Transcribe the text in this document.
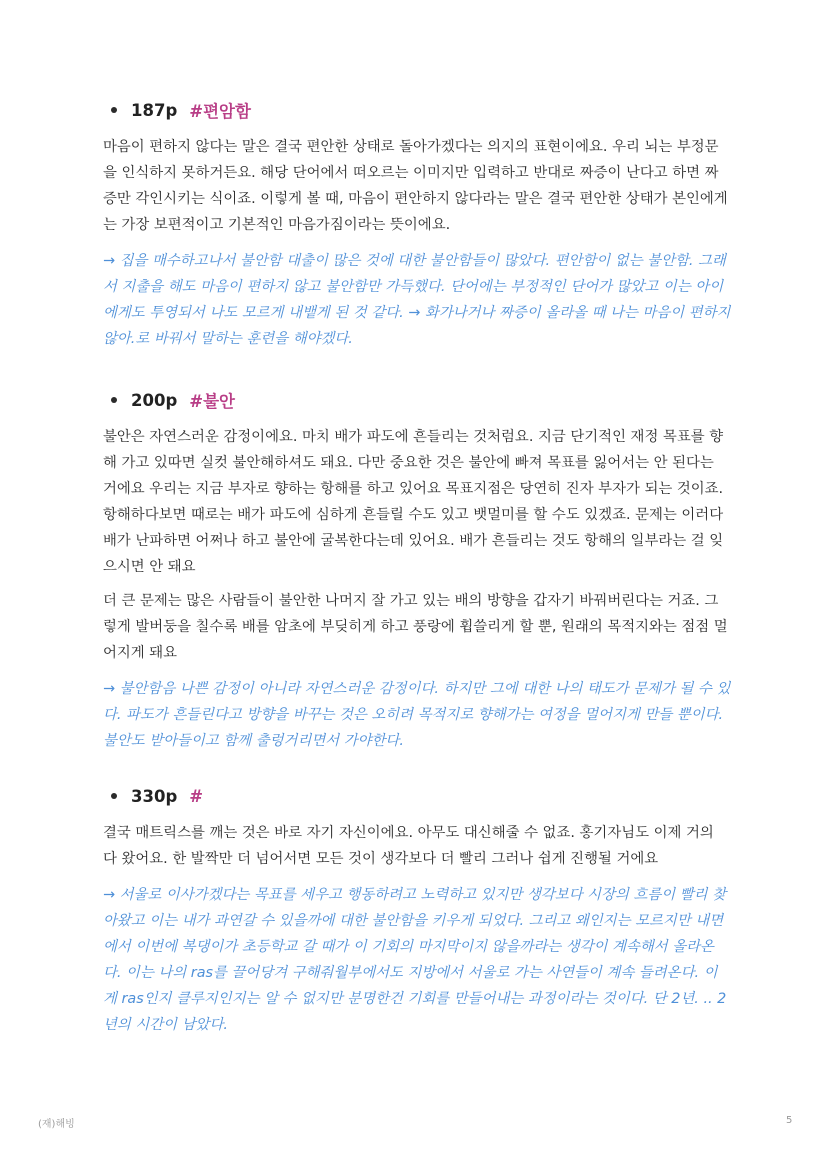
187p #편암함

마음이 편하지 않다는 말은 결국 편안한 상태로 돌아가겠다는 의지의 표현이에요. 우리 뇌는 부정문을 인식하지 못하거든요. 해당 단어에서 떠오르는 이미지만 입력하고 반대로 짜증이 난다고 하면 짜증만 각인시키는 식이죠. 이렇게 볼 때, 마음이 편안하지 않다라는 말은 결국 편안한 상태가 본인에게는 가장 보편적이고 기본적인 마음가짐이라는 뜻이에요.

→ 집을 매수하고나서 불안함 대출이 많은 것에 대한 불안함들이 많았다. 편안함이 없는 불안함. 그래서 지출을 해도 마음이 편하지 않고 불안함만 가득했다. 단어에는 부정적인 단어가 많았고 이는 아이에게도 투영되서 나도 모르게 내뱉게 된 것 같다. → 화가나거나 짜증이 올라올 때 나는 마음이 편하지 않아.로 바꿔서 말하는 훈련을 해야겠다.

200p #불안

불안은 자연스러운 감정이에요. 마치 배가 파도에 흔들리는 것처럼요. 지금 단기적인 재정 목표를 향해 가고 있따면 실컷 불안해하셔도 돼요. 다만 중요한 것은 불안에 빠져 목표를 잃어서는 안 된다는 거에요 우리는 지금 부자로 향하는 항해를 하고 있어요 목표지점은 당연히 진자 부자가 되는 것이죠. 항해하다보면 때로는 배가 파도에 심하게 흔들릴 수도 있고 뱃멀미를 할 수도 있겠죠. 문제는 이러다 배가 난파하면 어쩌나 하고 불안에 굴복한다는데 있어요. 배가 흔들리는 것도 항해의 일부라는 걸 잊으시면 안 돼요

더 큰 문제는 많은 사람들이 불안한 나머지 잘 가고 있는 배의 방향을 갑자기 바꿔버린다는 거죠. 그렇게 발버둥을 칠수록 배를 암초에 부딪히게 하고 풍랑에 휩쓸리게 할 뿐, 원래의 목적지와는 점점 멀어지게 돼요

→ 불안함음 나쁜 감정이 아니라 자연스러운 감정이다. 하지만 그에 대한 나의 태도가 문제가 될 수 있다. 파도가 흔들린다고 방향을 바꾸는 것은 오히려 목적지로 향해가는 여정을 멀어지게 만들 뿐이다. 불안도 받아들이고 함께 출렁거리면서 가야한다.

330p #

결국 매트릭스를 깨는 것은 바로 자기 자신이에요. 아무도 대신해줄 수 없죠. 홍기자님도 이제 거의 다 왔어요. 한 발짝만 더 넘어서면 모든 것이 생각보다 더 빨리 그러나 쉽게 진행될 거에요

→ 서울로 이사가겠다는 목표를 세우고 행동하려고 노력하고 있지만 생각보다 시장의 흐름이 빨리 찾아왔고 이는 내가 과연갈 수 있을까에 대한 불안함을 키우게 되었다. 그리고 왜인지는 모르지만 내면에서 이번에 복댕이가 초등학교 갈 때가 이 기회의 마지막이지 않을까라는 생각이 계속해서 올라온다. 이는 나의 ras를 끌어당겨 구해줘월부에서도 지방에서 서울로 가는 사연들이 계속 들려온다. 이게 ras인지 클루지인지는 알 수 없지만 분명한건 기회를 만들어내는 과정이라는 것이다. 단 2년. .. 2년의 시간이 남았다.

(재)해빙	5
